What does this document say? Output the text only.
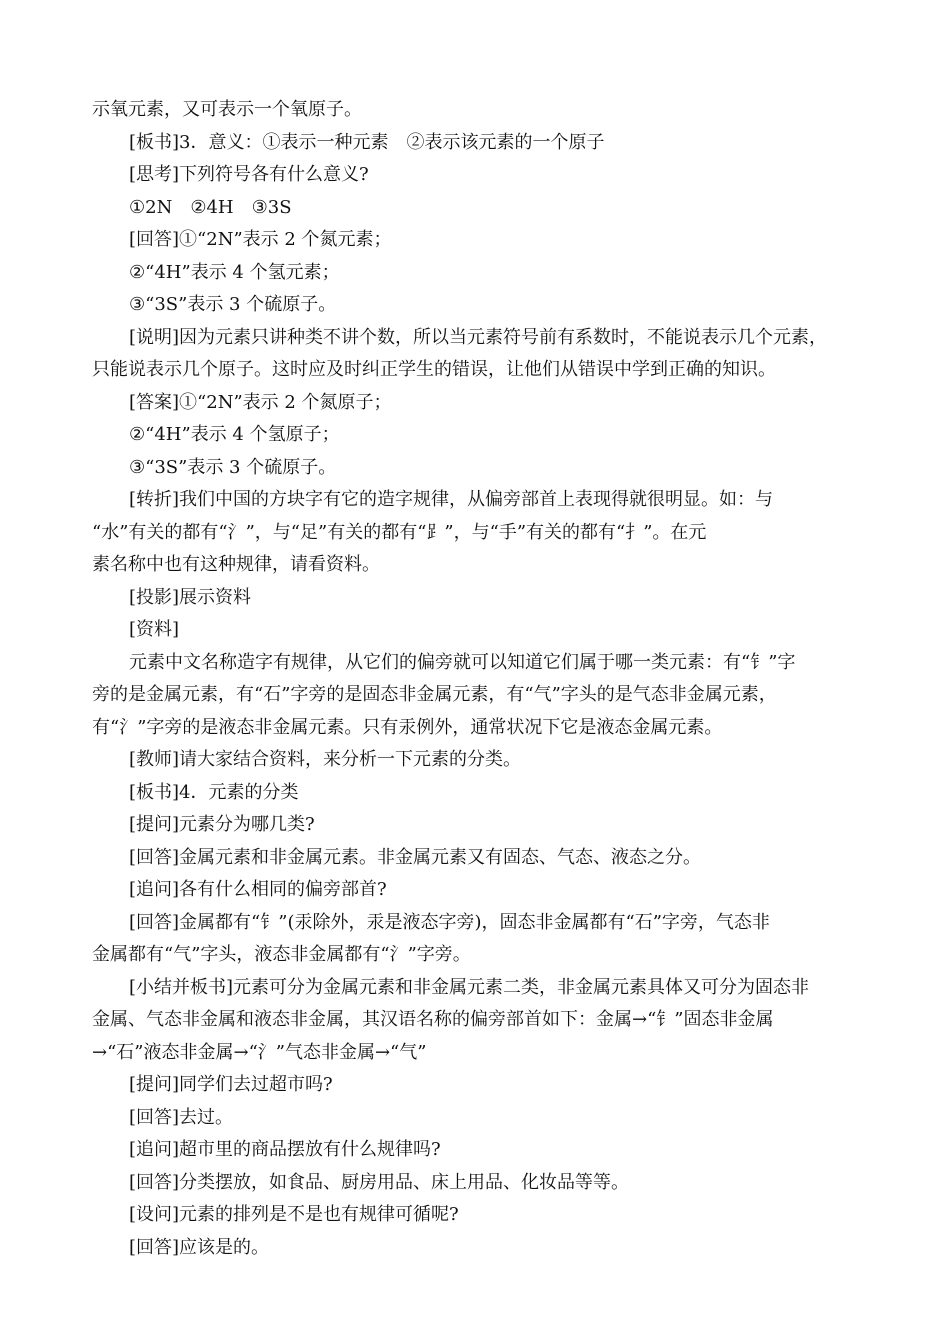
示氧元素，又可表示一个氧原子。

[板书]3．意义：①表示一种元素　②表示该元素的一个原子

[思考]下列符号各有什么意义?

①2N　②4H　③3S

[回答]①“2N”表示 2 个氮元素；

②“4H”表示 4 个氢元素；

③“3S”表示 3 个硫原子。

[说明]因为元素只讲种类不讲个数，所以当元素符号前有系数时，不能说表示几个元素，

只能说表示几个原子。这时应及时纠正学生的错误，让他们从错误中学到正确的知识。

[答案]①“2N”表示 2 个氮原子；

②“4H”表示 4 个氢原子；

③“3S”表示 3 个硫原子。

[转折]我们中国的方块字有它的造字规律，从偏旁部首上表现得就很明显。如：与

“水”有关的都有“氵”，与“足”有关的都有“⻊”，与“手”有关的都有“扌”。在元

素名称中也有这种规律，请看资料。

[投影]展示资料

[资料]

元素中文名称造字有规律，从它们的偏旁就可以知道它们属于哪一类元素：有“钅”字

旁的是金属元素，有“石”字旁的是固态非金属元素，有“气”字头的是气态非金属元素，

有“氵”字旁的是液态非金属元素。只有汞例外，通常状况下它是液态金属元素。

[教师]请大家结合资料，来分析一下元素的分类。

[板书]4．元素的分类

[提问]元素分为哪几类?

[回答]金属元素和非金属元素。非金属元素又有固态、气态、液态之分。

[追问]各有什么相同的偏旁部首?

[回答]金属都有“钅”(汞除外，汞是液态字旁)，固态非金属都有“石”字旁，气态非

金属都有“气”字头，液态非金属都有“氵”字旁。

[小结并板书]元素可分为金属元素和非金属元素二类，非金属元素具体又可分为固态非

金属、气态非金属和液态非金属，其汉语名称的偏旁部首如下：金属→“钅”固态非金属

→“石”液态非金属→“氵”气态非金属→“气”

[提问]同学们去过超市吗?

[回答]去过。

[追问]超市里的商品摆放有什么规律吗?

[回答]分类摆放，如食品、厨房用品、床上用品、化妆品等等。

[设问]元素的排列是不是也有规律可循呢?

[回答]应该是的。
